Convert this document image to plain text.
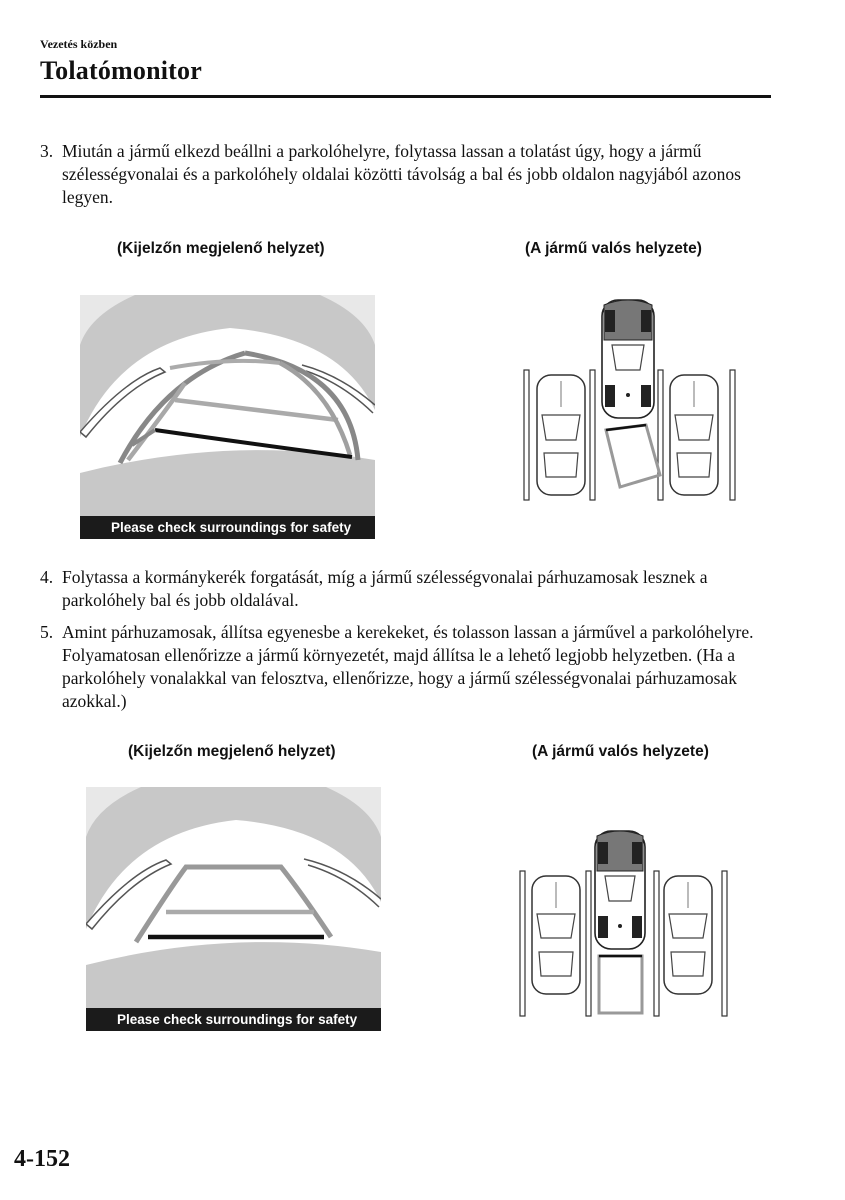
Vezetés közben
Tolatómonitor
3. Miután a jármű elkezd beállni a parkolóhelyre, folytassa lassan a tolatást úgy, hogy a jármű szélességvonalai és a parkolóhely oldalai közötti távolság a bal és jobb oldalon nagyjából azonos legyen.
(Kijelzőn megjelenő helyzet)	(A jármű valós helyzete)
Please check surroundings for safety
4. Folytassa a kormánykerék forgatását, míg a jármű szélességvonalai párhuzamosak lesznek a parkolóhely bal és jobb oldalával.
5. Amint párhuzamosak, állítsa egyenesbe a kerekeket, és tolasson lassan a járművel a parkolóhelyre. Folyamatosan ellenőrizze a jármű környezetét, majd állítsa le a lehető legjobb helyzetben. (Ha a parkolóhely vonalakkal van felosztva, ellenőrizze, hogy a jármű szélességvonalai párhuzamosak azokkal.)
(Kijelzőn megjelenő helyzet)	(A jármű valós helyzete)
Please check surroundings for safety
4-152
